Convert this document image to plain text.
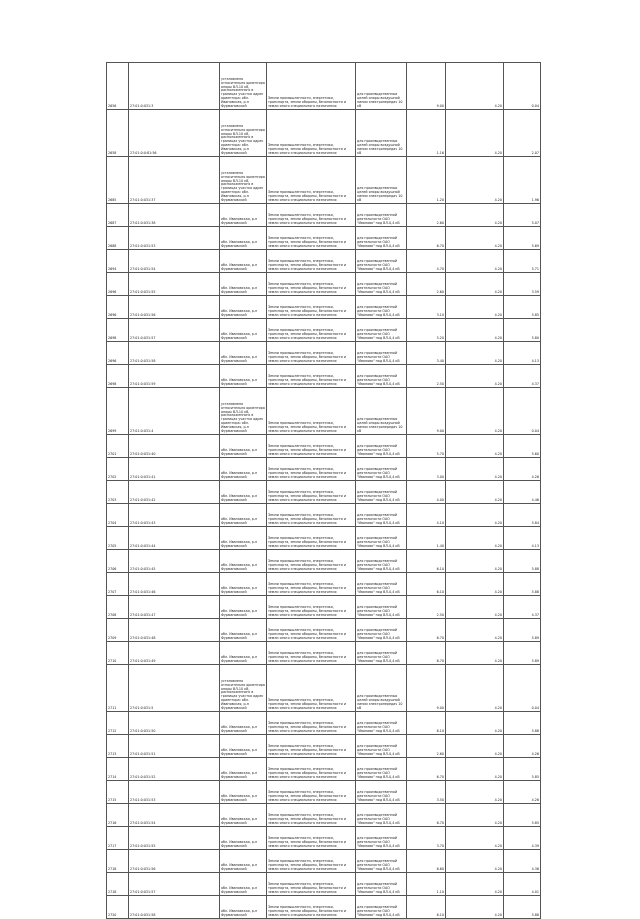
2656	27:01:0:031:3	установлено относительно ориентира опоры ВЛ-10 кВ, расположенного в границах участка адрес ориентира: обл. Ивановская, р-н Фурмановский	Земли промышленности, энергетики, транспорта, земли обороны, безопасности и земли иного специального назначения	для производственных целей опоры воздушной линии электропередач 10 кВ	9.00	4.20	0.04
2658	27:01:0:0:81:56	установлено относительно ориентира опоры ВЛ-10 кВ, расположенного в границах участка адрес ориентира: обл. Ивановская, р-н Фурмановский	Земли промышленности, энергетики, транспорта, земли обороны, безопасности и земли иного специального назначения	для производственных целей опоры воздушной линии электропередач 10 кВ	1.16	4.20	2.07
2685	27:01:0:031:37	установлено относительно ориентира опоры ВЛ-10 кВ, расположенного в границах участка адрес ориентира: обл. Ивановская, р-н Фурмановский	Земли промышленности, энергетики, транспорта, земли обороны, безопасности и земли иного специального назначения	для производственных целей опоры воздушной линии электропередач 10 кВ	1.20	4.20	1.96
2687	27:01:0:031:38	обл. Ивановская, р-н Фурмановский	Земли промышленности, энергетики, транспорта, земли обороны, безопасности и земли иного специального назначения	для производственной деятельности ОАО "Иваново" под ВЛ-0,4 кВ	2.60	4.20	5.07
2688	27:01:0:031:53	обл. Ивановская, р-н Фурмановский	Земли промышленности, энергетики, транспорта, земли обороны, безопасности и земли иного специального назначения	для производственной деятельности ОАО "Иваново" под ВЛ-0,4 кВ	6.70	4.20	5.69
2694	27:01:0:031:54	обл. Ивановская, р-н Фурмановский	Земли промышленности, энергетики, транспорта, земли обороны, безопасности и земли иного специального назначения	для производственной деятельности ОАО "Иваново" под ВЛ-0,4 кВ	4.70	4.20	5.71
2696	27:01:0:031:55	обл. Ивановская, р-н Фурмановский	Земли промышленности, энергетики, транспорта, земли обороны, безопасности и земли иного специального назначения	для производственной деятельности ОАО "Иваново" под ВЛ-0,4 кВ	2.60	4.20	3.59
2696	27:01:0:031:56	обл. Ивановская, р-н Фурмановский	Земли промышленности, энергетики, транспорта, земли обороны, безопасности и земли иного специального назначения	для производственной деятельности ОАО "Иваново" под ВЛ-0,4 кВ	3.10	4.20	5.85
2698	27:01:0:031:57	обл. Ивановская, р-н Фурмановский	Земли промышленности, энергетики, транспорта, земли обороны, безопасности и земли иного специального назначения	для производственной деятельности ОАО "Иваново" под ВЛ-0,4 кВ	5.20	4.20	5.80
2696	27:01:0:031:58	обл. Ивановская, р-н Фурмановский	Земли промышленности, энергетики, транспорта, земли обороны, безопасности и земли иного специального назначения	для производственной деятельности ОАО "Иваново" под ВЛ-0,4 кВ	3.40	4.20	4.13
2698	27:01:0:031:59	обл. Ивановская, р-н Фурмановский	Земли промышленности, энергетики, транспорта, земли обороны, безопасности и земли иного специального назначения	для производственной деятельности ОАО "Иваново" под ВЛ-0,4 кВ	2.50	4.20	4.37
2699	27:01:0:031:4	установлено относительно ориентира опоры ВЛ-10 кВ, расположенного в границах участка адрес ориентира: обл. Ивановская, р-н Фурмановский	Земли промышленности, энергетики, транспорта, земли обороны, безопасности и земли иного специального назначения	для производственных целей опоры воздушной линии электропередач 10 кВ	9.00	4.20	0.04
2701	27:01:0:031:40	обл. Ивановская, р-н Фурмановский	Земли промышленности, энергетики, транспорта, земли обороны, безопасности и земли иного специального назначения	для производственной деятельности ОАО "Иваново" под ВЛ-0,4 кВ	5.70	4.20	5.60
2702	27:01:0:031:41	обл. Ивановская, р-н Фурмановский	Земли промышленности, энергетики, транспорта, земли обороны, безопасности и земли иного специального назначения	для производственной деятельности ОАО "Иваново" под ВЛ-0,4 кВ	3.00	4.20	4.26
2703	27:01:0:031:42	обл. Ивановская, р-н Фурмановский	Земли промышленности, энергетики, транспорта, земли обороны, безопасности и земли иного специального назначения	для производственной деятельности ОАО "Иваново" под ВЛ-0,4 кВ	4.00	4.20	4.46
2704	27:01:0:031:43	обл. Ивановская, р-н Фурмановский	Земли промышленности, энергетики, транспорта, земли обороны, безопасности и земли иного специального назначения	для производственной деятельности ОАО "Иваново" под ВЛ-0,4 кВ	4.10	4.20	5.84
2705	27:01:0:031:44	обл. Ивановская, р-н Фурмановский	Земли промышленности, энергетики, транспорта, земли обороны, безопасности и земли иного специального назначения	для производственной деятельности ОАО "Иваново" под ВЛ-0,4 кВ	1.40	4.20	4.13
2706	27:01:0:031:45	обл. Ивановская, р-н Фурмановский	Земли промышленности, энергетики, транспорта, земли обороны, безопасности и земли иного специального назначения	для производственной деятельности ОАО "Иваново" под ВЛ-0,4 кВ	6.10	4.20	5.88
2707	27:01:0:031:46	обл. Ивановская, р-н Фурмановский	Земли промышленности, энергетики, транспорта, земли обороны, безопасности и земли иного специального назначения	для производственной деятельности ОАО "Иваново" под ВЛ-0,4 кВ	6.10	4.20	5.88
2708	27:01:0:031:47	обл. Ивановская, р-н Фурмановский	Земли промышленности, энергетики, транспорта, земли обороны, безопасности и земли иного специального назначения	для производственной деятельности ОАО "Иваново" под ВЛ-0,4 кВ	2.50	4.20	4.37
2709	27:01:0:031:48	обл. Ивановская, р-н Фурмановский	Земли промышленности, энергетики, транспорта, земли обороны, безопасности и земли иного специального назначения	для производственной деятельности ОАО "Иваново" под ВЛ-0,4 кВ	6.70	4.20	5.89
2710	27:01:0:031:49	обл. Ивановская, р-н Фурмановский	Земли промышленности, энергетики, транспорта, земли обороны, безопасности и земли иного специального назначения	для производственной деятельности ОАО "Иваново" под ВЛ-0,4 кВ	6.70	4.20	5.89
2711	27:01:0:031:5	установлено относительно ориентира опоры ВЛ-10 кВ, расположенного в границах участка адрес ориентира: обл. Ивановская, р-н Фурмановский	Земли промышленности, энергетики, транспорта, земли обороны, безопасности и земли иного специального назначения	для производственных целей опоры воздушной линии электропередач 10 кВ	9.00	4.20	0.04
2712	27:01:0:031:50	обл. Ивановская, р-н Фурмановский	Земли промышленности, энергетики, транспорта, земли обороны, безопасности и земли иного специального назначения	для производственной деятельности ОАО "Иваново" под ВЛ-0,4 кВ	6.10	4.20	5.88
2713	27:01:0:031:51	обл. Ивановская, р-н Фурмановский	Земли промышленности, энергетики, транспорта, земли обороны, безопасности и земли иного специального назначения	для производственной деятельности ОАО "Иваново" под ВЛ-0,4 кВ	2.60	4.20	4.26
2714	27:01:0:031:52	обл. Ивановская, р-н Фурмановский	Земли промышленности, энергетики, транспорта, земли обороны, безопасности и земли иного специального назначения	для производственной деятельности ОАО "Иваново" под ВЛ-0,4 кВ	6.70	4.20	5.85
2715	27:01:0:031:53	обл. Ивановская, р-н Фурмановский	Земли промышленности, энергетики, транспорта, земли обороны, безопасности и земли иного специального назначения	для производственной деятельности ОАО "Иваново" под ВЛ-0,4 кВ	3.50	4.20	4.26
2716	27:01:0:031:54	обл. Ивановская, р-н Фурмановский	Земли промышленности, энергетики, транспорта, земли обороны, безопасности и земли иного специального назначения	для производственной деятельности ОАО "Иваново" под ВЛ-0,4 кВ	6.70	4.20	5.85
2717	27:01:0:031:55	обл. Ивановская, р-н Фурмановский	Земли промышленности, энергетики, транспорта, земли обороны, безопасности и земли иного специального назначения	для производственной деятельности ОАО "Иваново" под ВЛ-0,4 кВ	3.70	4.20	4.39
2718	27:01:0:031:56	обл. Ивановская, р-н Фурмановский	Земли промышленности, энергетики, транспорта, земли обороны, безопасности и земли иного специального назначения	для производственной деятельности ОАО "Иваново" под ВЛ-0,4 кВ	6.60	4.20	4.36
2718	27:01:0:031:57	обл. Ивановская, р-н Фурмановский	Земли промышленности, энергетики, транспорта, земли обороны, безопасности и земли иного специального назначения	для производственной деятельности ОАО "Иваново" под ВЛ-0,4 кВ	1.10	4.20	4.01
2720	27:01:0:031:58	обл. Ивановская, р-н Фурмановский	Земли промышленности, энергетики, транспорта, земли обороны, безопасности и земли иного специального назначения	для производственной деятельности ОАО "Иваново" под ВЛ-0,4 кВ	6.10	4.20	5.88
